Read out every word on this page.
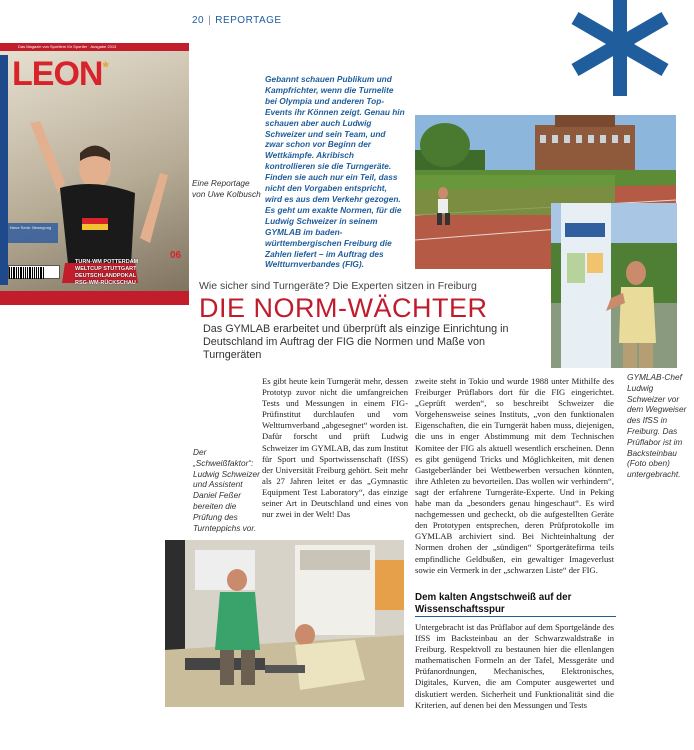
20 | REPORTAGE
Das Magazin von Sportlern für Sportler · Ausgabe 2013
LEON*
Neue Serie: Bewegung
06
TURN-WM POTTERDAM
WELTCUP STUTTGART
DEUTSCHLANDPOKAL
RSG-WM-RÜCKSCHAU
Eine Reportage von Uwe Kolbusch
Gebannt schauen Publikum und Kampfrichter, wenn die Turnelite bei Olympia und anderen Top-Events ihr Können zeigt. Genau hin schauen aber auch Ludwig Schweizer und sein Team, und zwar schon vor Beginn der Wettkämpfe. Akribisch kontrollieren sie die Turngeräte. Finden sie auch nur ein Teil, dass nicht den Vorgaben entspricht, wird es aus dem Verkehr gezogen. Es geht um exakte Normen, für die Ludwig Schweizer in seinem GYMLAB im baden-württembergischen Freiburg die Zahlen liefert – im Auftrag des Weltturnverbandes (FIG).
Wie sicher sind Turngeräte? Die Experten sitzen in Freiburg
DIE NORM-WÄCHTER
Das GYMLAB erarbeitet und überprüft als einzige Einrichtung in Deutschland im Auftrag der FIG die Normen und Maße von Turngeräten
GYMLAB-Chef Ludwig Schweizer vor dem Wegweiser des IfSS in Freiburg. Das Prüflabor ist im Backsteinbau (Foto oben) untergebracht.
Der „Schweißfaktor“: Ludwig Schweizer und Assistent Daniel Feßer bereiten die Prüfung des Turnteppichs vor.
Es gibt heute kein Turngerät mehr, dessen Prototyp zuvor nicht die umfangreichen Tests und Messungen in einem FIG-Prüfinstitut durchlaufen und vom Weltturnverband „abgesegnet“ worden ist. Dafür forscht und prüft Ludwig Schweizer im GYMLAB, das zum Institut für Sport und Sportwissenschaft (IfSS) der Universität Freiburg gehört. Seit mehr als 27 Jahren leitet er das „Gymnastic Equipment Test Laboratory“, das einzige seiner Art in Deutschland und eines von nur zwei in der Welt! Das
zweite steht in Tokio und wurde 1988 unter Mithilfe des Freiburger Prüflabors dort für die FIG eingerichtet. „Geprüft werden“, so beschreibt Schweizer die Vorgehensweise seines Instituts, „von den funktionalen Eigenschaften, die ein Turngerät haben muss, diejenigen, die uns in enger Abstimmung mit dem Technischen Komitee der FIG als aktuell wesentlich erscheinen. Denn es gibt genügend Tricks und Möglichkeiten, mit denen Gastgeberländer bei Wettbewerben versuchen könnten, ihre Athleten zu bevorteilen. Das wollen wir verhindern“, sagt der erfahrene Turngeräte-Experte. Und in Peking habe man da „besonders genau hingeschaut“. Es wird nachgemessen und gecheckt, ob die aufgestellten Geräte den Prototypen entsprechen, deren Prüfprotokolle im GYMLAB archiviert sind. Bei Nichteinhaltung der Normen drohen der „sündigen“ Sportgerätefirma teils empfindliche Geldbußen, ein gewaltiger Imageverlust sowie ein Vermerk in der „schwarzen Liste“ der FIG.
Dem kalten Angstschweiß auf der Wissenschaftsspur
Untergebracht ist das Prüflabor auf dem Sportgelände des IfSS im Backsteinbau an der Schwarzwaldstraße in Freiburg. Respektvoll zu bestaunen hier die ellenlangen mathematischen Formeln an der Tafel, Messgeräte und Prüfanordnungen, Mechanisches, Elektronisches, Digitales, Kurven, die am Computer ausgewertet und diskutiert werden. Sicherheit und Funktionalität sind die Kriterien, auf denen bei den Messungen und Tests
